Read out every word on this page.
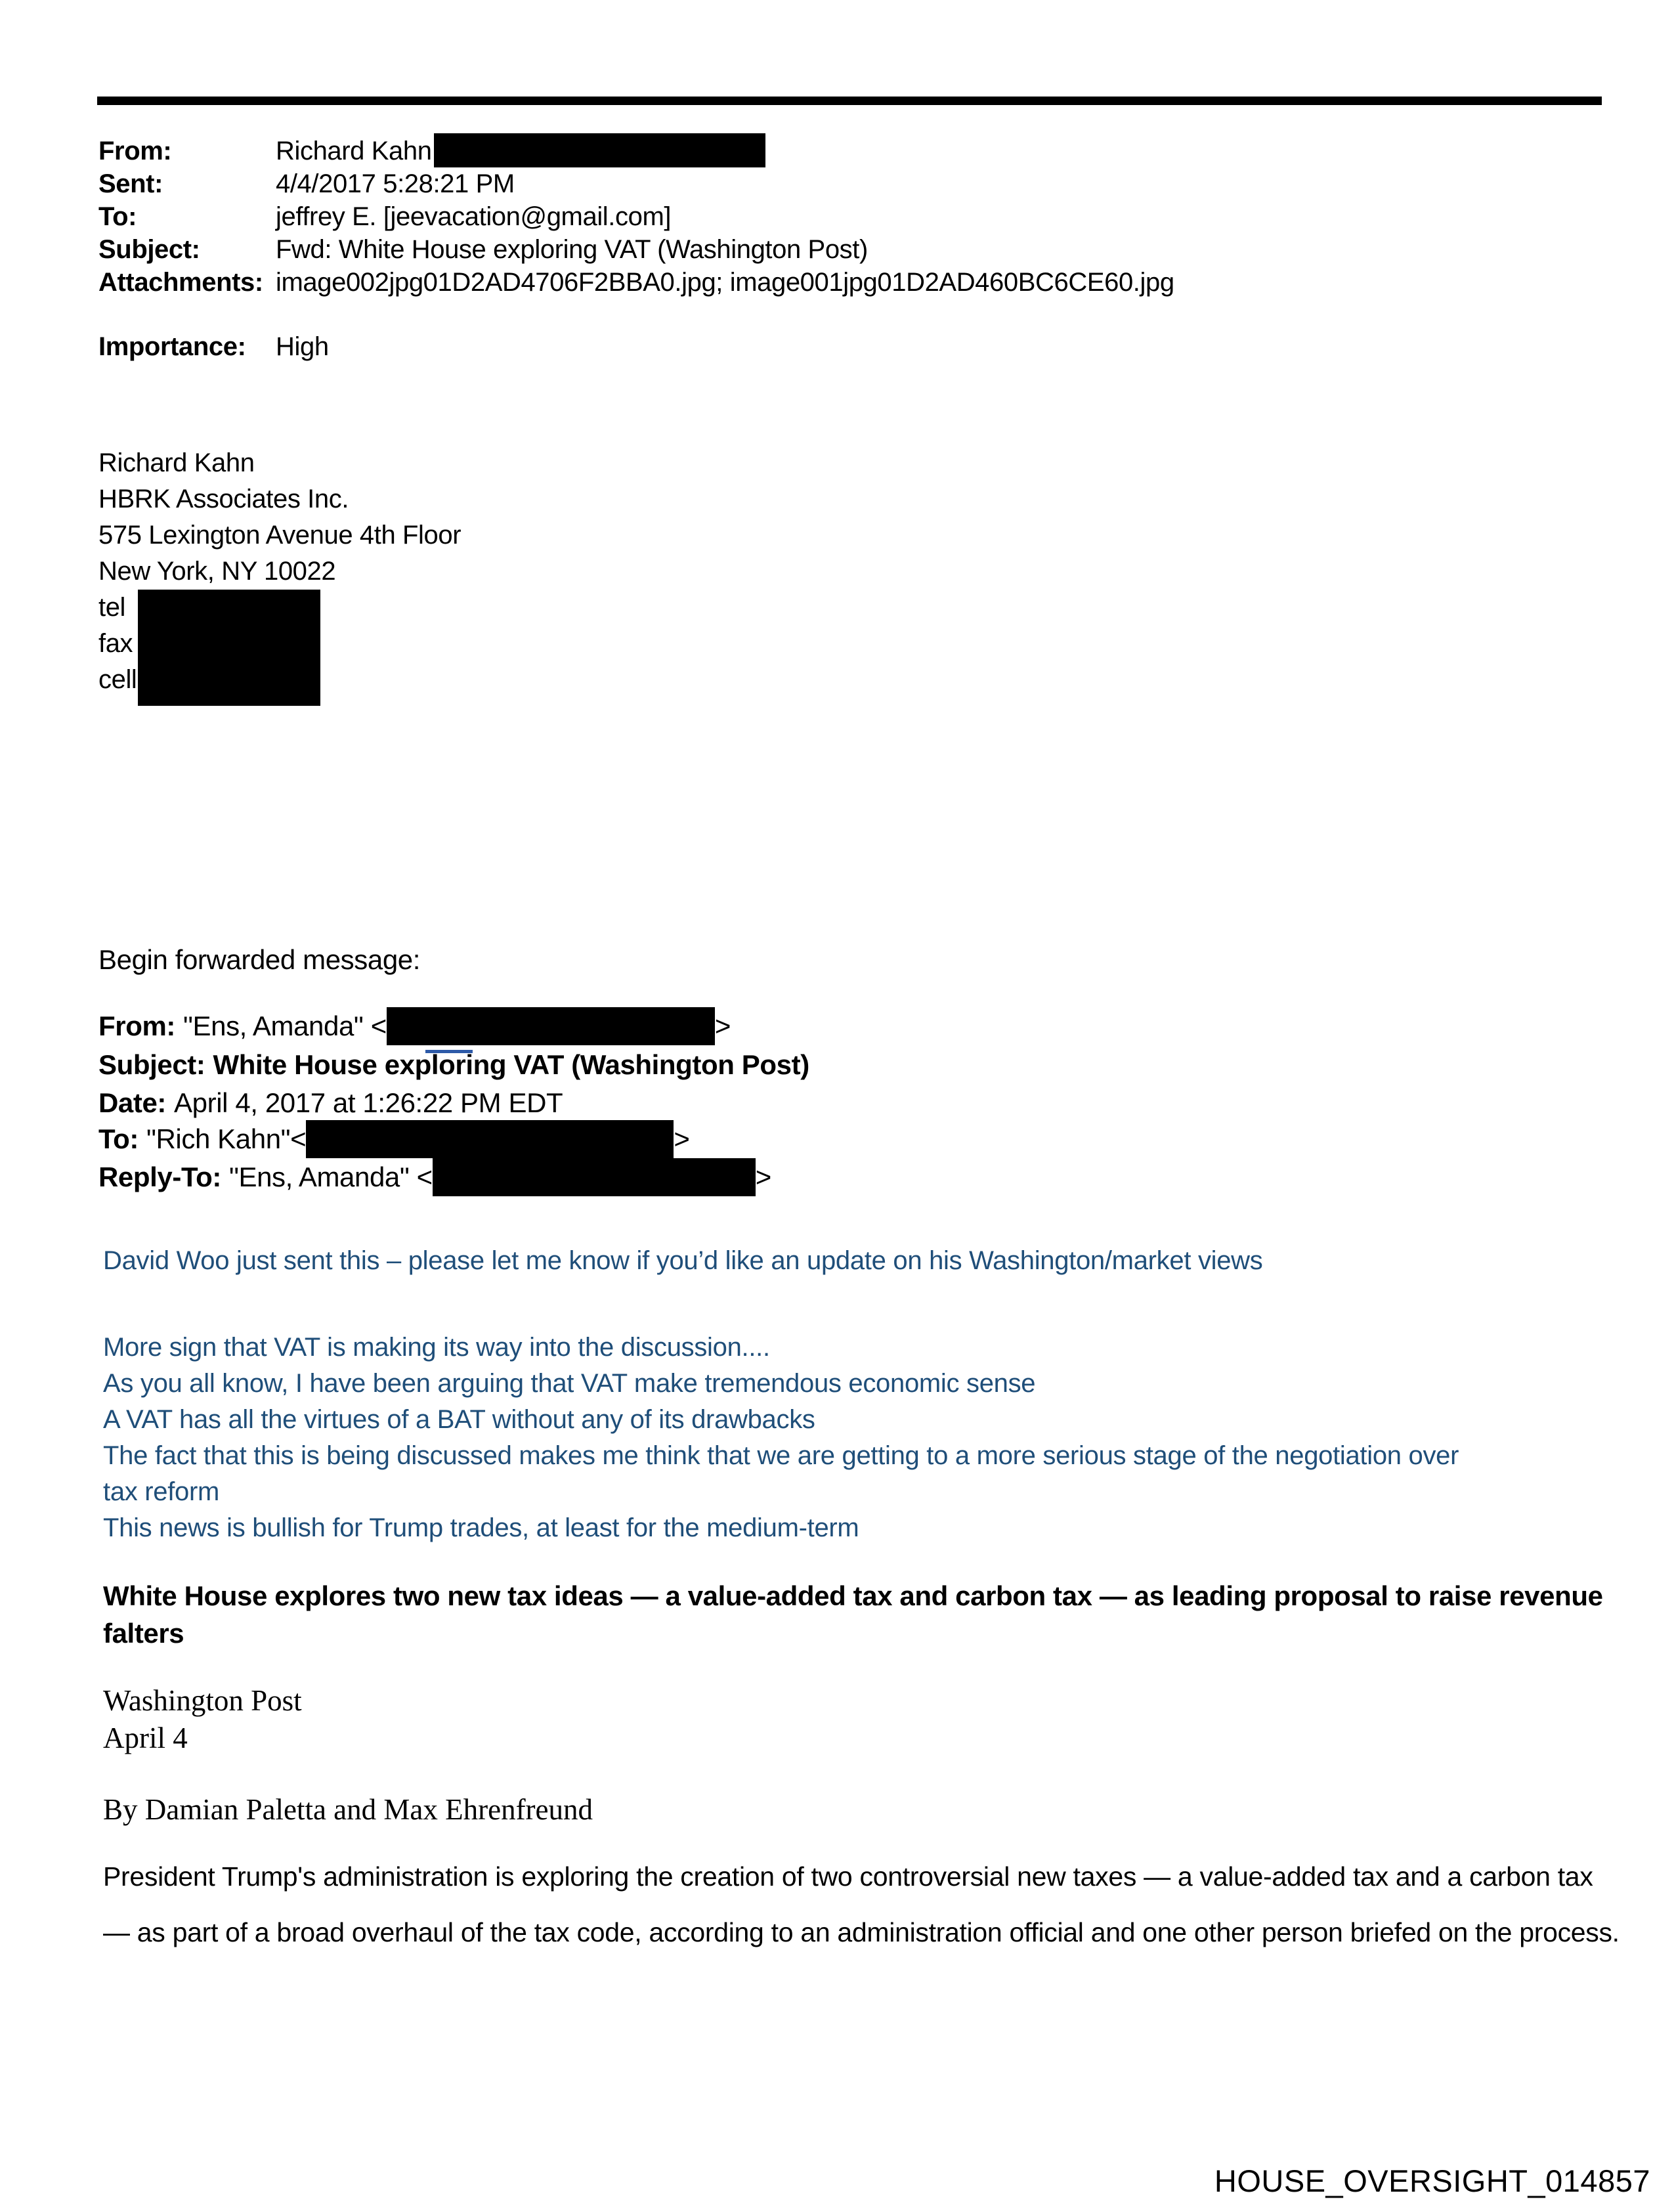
From:	Richard Kahn
Sent:	4/4/2017 5:28:21 PM
To:	jeffrey E. [jeevacation@gmail.com]
Subject:	Fwd: White House exploring VAT (Washington Post)
Attachments: image002jpg01D2AD4706F2BBA0.jpg; image001jpg01D2AD460BC6CE60.jpg
Importance:	High
Richard Kahn
HBRK Associates Inc.
575 Lexington Avenue 4th Floor
New York, NY 10022
tel
fax
cell
Begin forwarded message:
From: "Ens, Amanda" <	>
Subject: White House exploring VAT (Washington Post)
Date: April 4, 2017 at 1:26:22 PM EDT
To: "Rich Kahn"<	>
Reply-To: "Ens, Amanda" <	>
David Woo just sent this – please let me know if you’d like an update on his Washington/market views
More sign that VAT is making its way into the discussion....
As you all know, I have been arguing that VAT make tremendous economic sense
A VAT has all the virtues of a BAT without any of its drawbacks
The fact that this is being discussed makes me think that we are getting to a more serious stage of the negotiation over
tax reform
This news is bullish for Trump trades, at least for the medium-term
White House explores two new tax ideas — a value-added tax and carbon tax — as leading proposal to raise revenue
falters
Washington Post
April 4
By Damian Paletta and Max Ehrenfreund
President Trump's administration is exploring the creation of two controversial new taxes — a value-added tax and a carbon tax — as part of a broad overhaul of the tax code, according to an administration official and one other person briefed on the process.
HOUSE_OVERSIGHT_014857
